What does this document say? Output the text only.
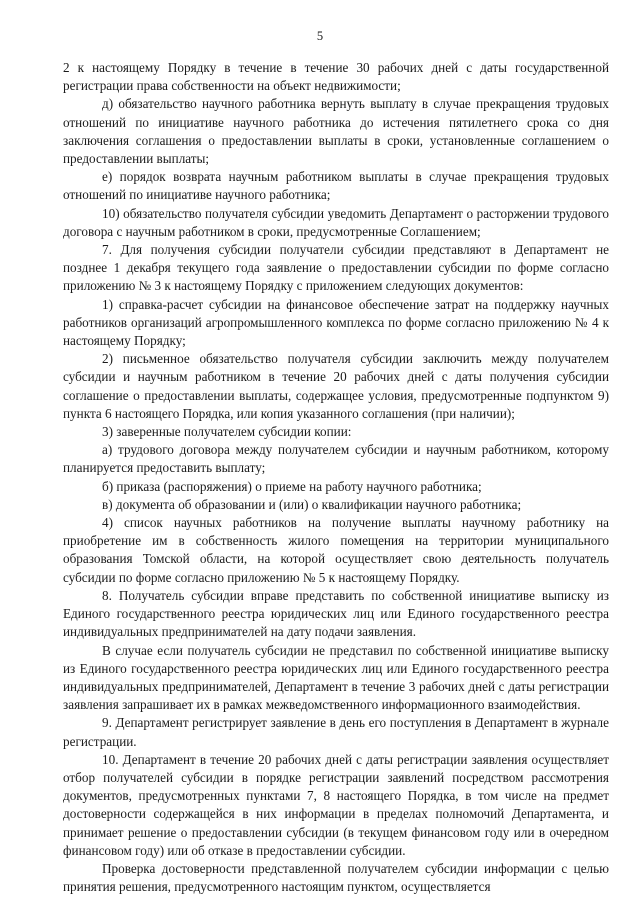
5

2 к настоящему Порядку в течение в течение 30 рабочих дней с даты государственной регистрации права собственности на объект недвижимости;

д) обязательство научного работника вернуть выплату в случае прекращения трудовых отношений по инициативе научного работника до истечения пятилетнего срока со дня заключения соглашения о предоставлении выплаты в сроки, установленные соглашением о предоставлении выплаты;

е) порядок возврата научным работником выплаты в случае прекращения трудовых отношений по инициативе научного работника;

10) обязательство получателя субсидии уведомить Департамент о расторжении трудового договора с научным работником в сроки, предусмотренные Соглашением;

7. Для получения субсидии получатели субсидии представляют в Департамент не позднее 1 декабря текущего года заявление о предоставлении субсидии по форме согласно приложению № 3 к настоящему Порядку с приложением следующих документов:

1) справка-расчет субсидии на финансовое обеспечение затрат на поддержку научных работников организаций агропромышленного комплекса по форме согласно приложению № 4 к настоящему Порядку;

2) письменное обязательство получателя субсидии заключить между получателем субсидии и научным работником в течение 20 рабочих дней с даты получения субсидии соглашение о предоставлении выплаты, содержащее условия, предусмотренные подпунктом 9) пункта 6 настоящего Порядка, или копия указанного соглашения (при наличии);

3) заверенные получателем субсидии копии:

а) трудового договора между получателем субсидии и научным работником, которому планируется предоставить выплату;

б) приказа (распоряжения) о приеме на работу научного работника;

в) документа об образовании и (или) о квалификации научного работника;

4) список научных работников на получение выплаты научному работнику на приобретение им в собственность жилого помещения на территории муниципального образования Томской области, на которой осуществляет свою деятельность получатель субсидии по форме согласно приложению № 5 к настоящему Порядку.

8. Получатель субсидии вправе представить по собственной инициативе выписку из Единого государственного реестра юридических лиц или Единого государственного реестра индивидуальных предпринимателей на дату подачи заявления.

В случае если получатель субсидии не представил по собственной инициативе выписку из Единого государственного реестра юридических лиц или Единого государственного реестра индивидуальных предпринимателей, Департамент в течение 3 рабочих дней с даты регистрации заявления запрашивает их в рамках межведомственного информационного взаимодействия.

9. Департамент регистрирует заявление в день его поступления в Департамент в журнале регистрации.

10. Департамент в течение 20 рабочих дней с даты регистрации заявления осуществляет отбор получателей субсидии в порядке регистрации заявлений посредством рассмотрения документов, предусмотренных пунктами 7, 8 настоящего Порядка, в том числе на предмет достоверности содержащейся в них информации в пределах полномочий Департамента, и принимает решение о предоставлении субсидии (в текущем финансовом году или в очередном финансовом году) или об отказе в предоставлении субсидии.

Проверка достоверности представленной получателем субсидии информации с целью принятия решения, предусмотренного настоящим пунктом, осуществляется
